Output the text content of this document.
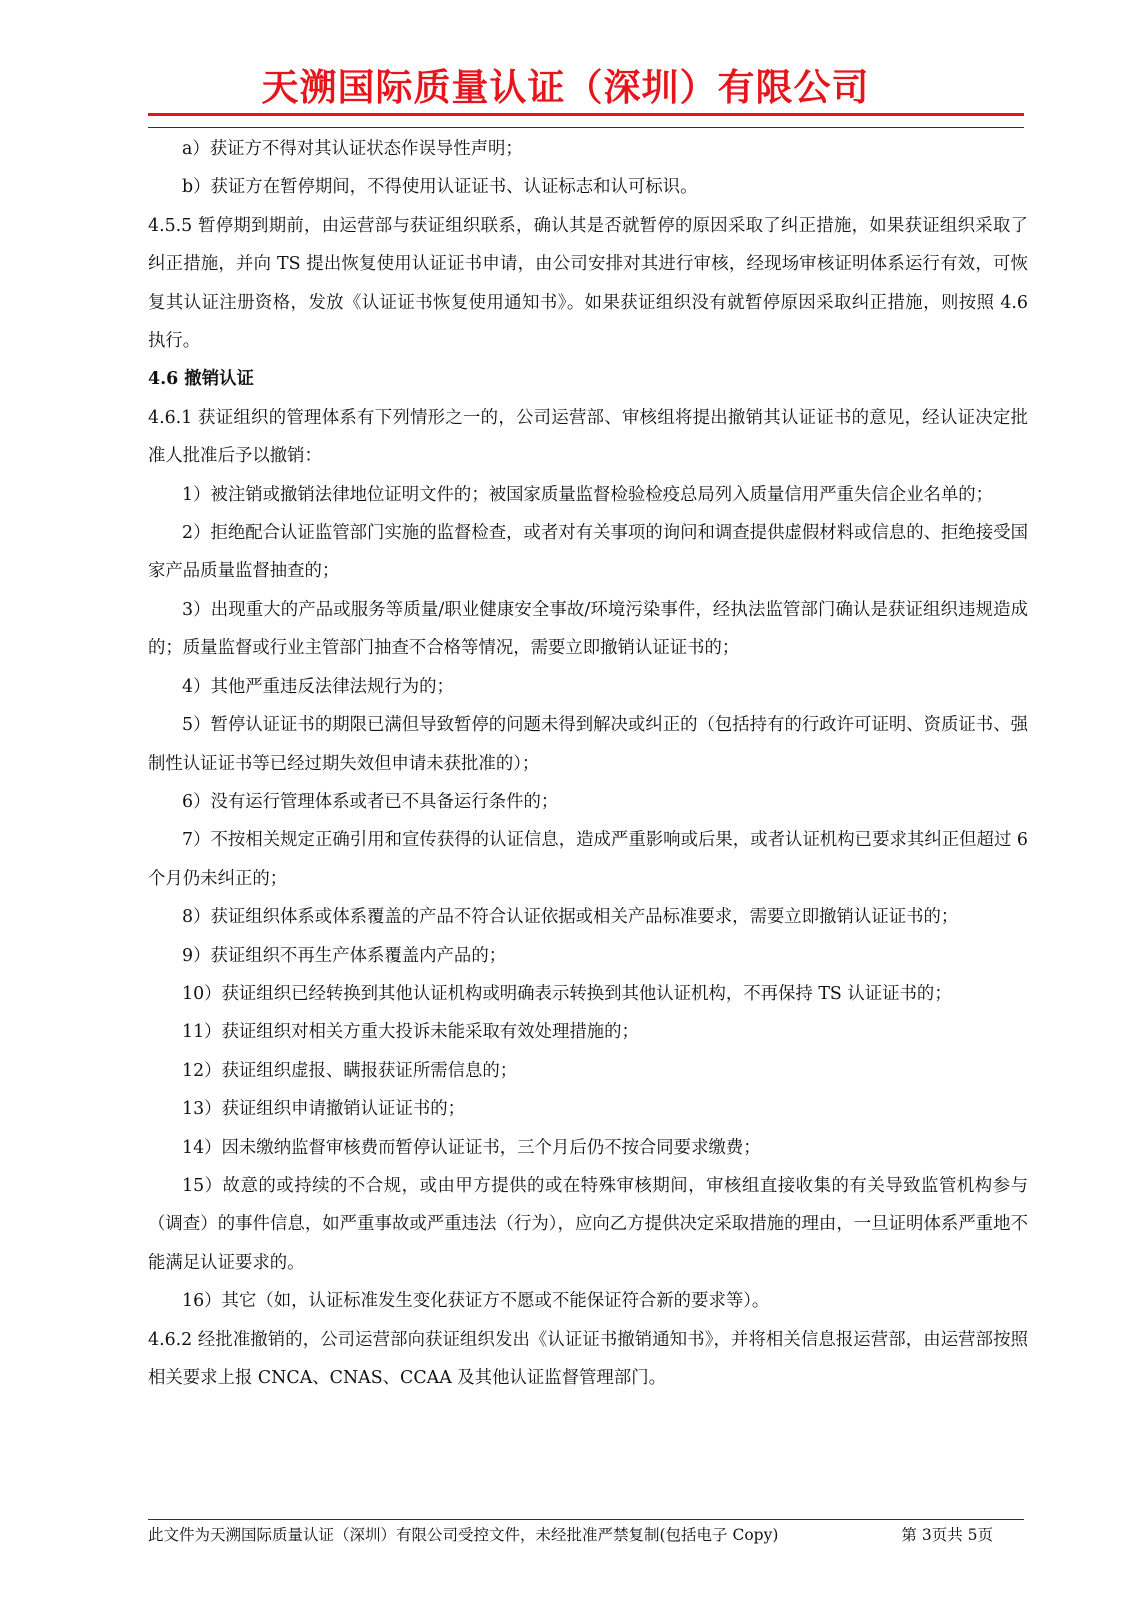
天溯国际质量认证（深圳）有限公司

a）获证方不得对其认证状态作误导性声明；

b）获证方在暂停期间，不得使用认证证书、认证标志和认可标识。

4.5.5 暂停期到期前，由运营部与获证组织联系，确认其是否就暂停的原因采取了纠正措施，如果获证组织采取了纠正措施，并向 TS 提出恢复使用认证证书申请，由公司安排对其进行审核，经现场审核证明体系运行有效，可恢复其认证注册资格，发放《认证证书恢复使用通知书》。如果获证组织没有就暂停原因采取纠正措施，则按照 4.6 执行。

4.6 撤销认证

4.6.1 获证组织的管理体系有下列情形之一的，公司运营部、审核组将提出撤销其认证证书的意见，经认证决定批准人批准后予以撤销：

1）被注销或撤销法律地位证明文件的；被国家质量监督检验检疫总局列入质量信用严重失信企业名单的；

2）拒绝配合认证监管部门实施的监督检查，或者对有关事项的询问和调查提供虚假材料或信息的、拒绝接受国家产品质量监督抽查的；

3）出现重大的产品或服务等质量/职业健康安全事故/环境污染事件，经执法监管部门确认是获证组织违规造成的；质量监督或行业主管部门抽查不合格等情况，需要立即撤销认证证书的；

4）其他严重违反法律法规行为的；

5）暂停认证证书的期限已满但导致暂停的问题未得到解决或纠正的（包括持有的行政许可证明、资质证书、强制性认证证书等已经过期失效但申请未获批准的）；

6）没有运行管理体系或者已不具备运行条件的；

7）不按相关规定正确引用和宣传获得的认证信息，造成严重影响或后果，或者认证机构已要求其纠正但超过 6 个月仍未纠正的；

8）获证组织体系或体系覆盖的产品不符合认证依据或相关产品标准要求，需要立即撤销认证证书的；

9）获证组织不再生产体系覆盖内产品的；

10）获证组织已经转换到其他认证机构或明确表示转换到其他认证机构，不再保持 TS 认证证书的；

11）获证组织对相关方重大投诉未能采取有效处理措施的；

12）获证组织虚报、瞒报获证所需信息的；

13）获证组织申请撤销认证证书的；

14）因未缴纳监督审核费而暂停认证证书，三个月后仍不按合同要求缴费；

15）故意的或持续的不合规，或由甲方提供的或在特殊审核期间，审核组直接收集的有关导致监管机构参与（调查）的事件信息，如严重事故或严重违法（行为），应向乙方提供决定采取措施的理由，一旦证明体系严重地不能满足认证要求的。

16）其它（如，认证标准发生变化获证方不愿或不能保证符合新的要求等）。

4.6.2 经批准撤销的，公司运营部向获证组织发出《认证证书撤销通知书》，并将相关信息报运营部，由运营部按照相关要求上报 CNCA、CNAS、CCAA 及其他认证监督管理部门。

此文件为天溯国际质量认证（深圳）有限公司受控文件，未经批准严禁复制(包括电子 Copy)	第 3页共 5页
